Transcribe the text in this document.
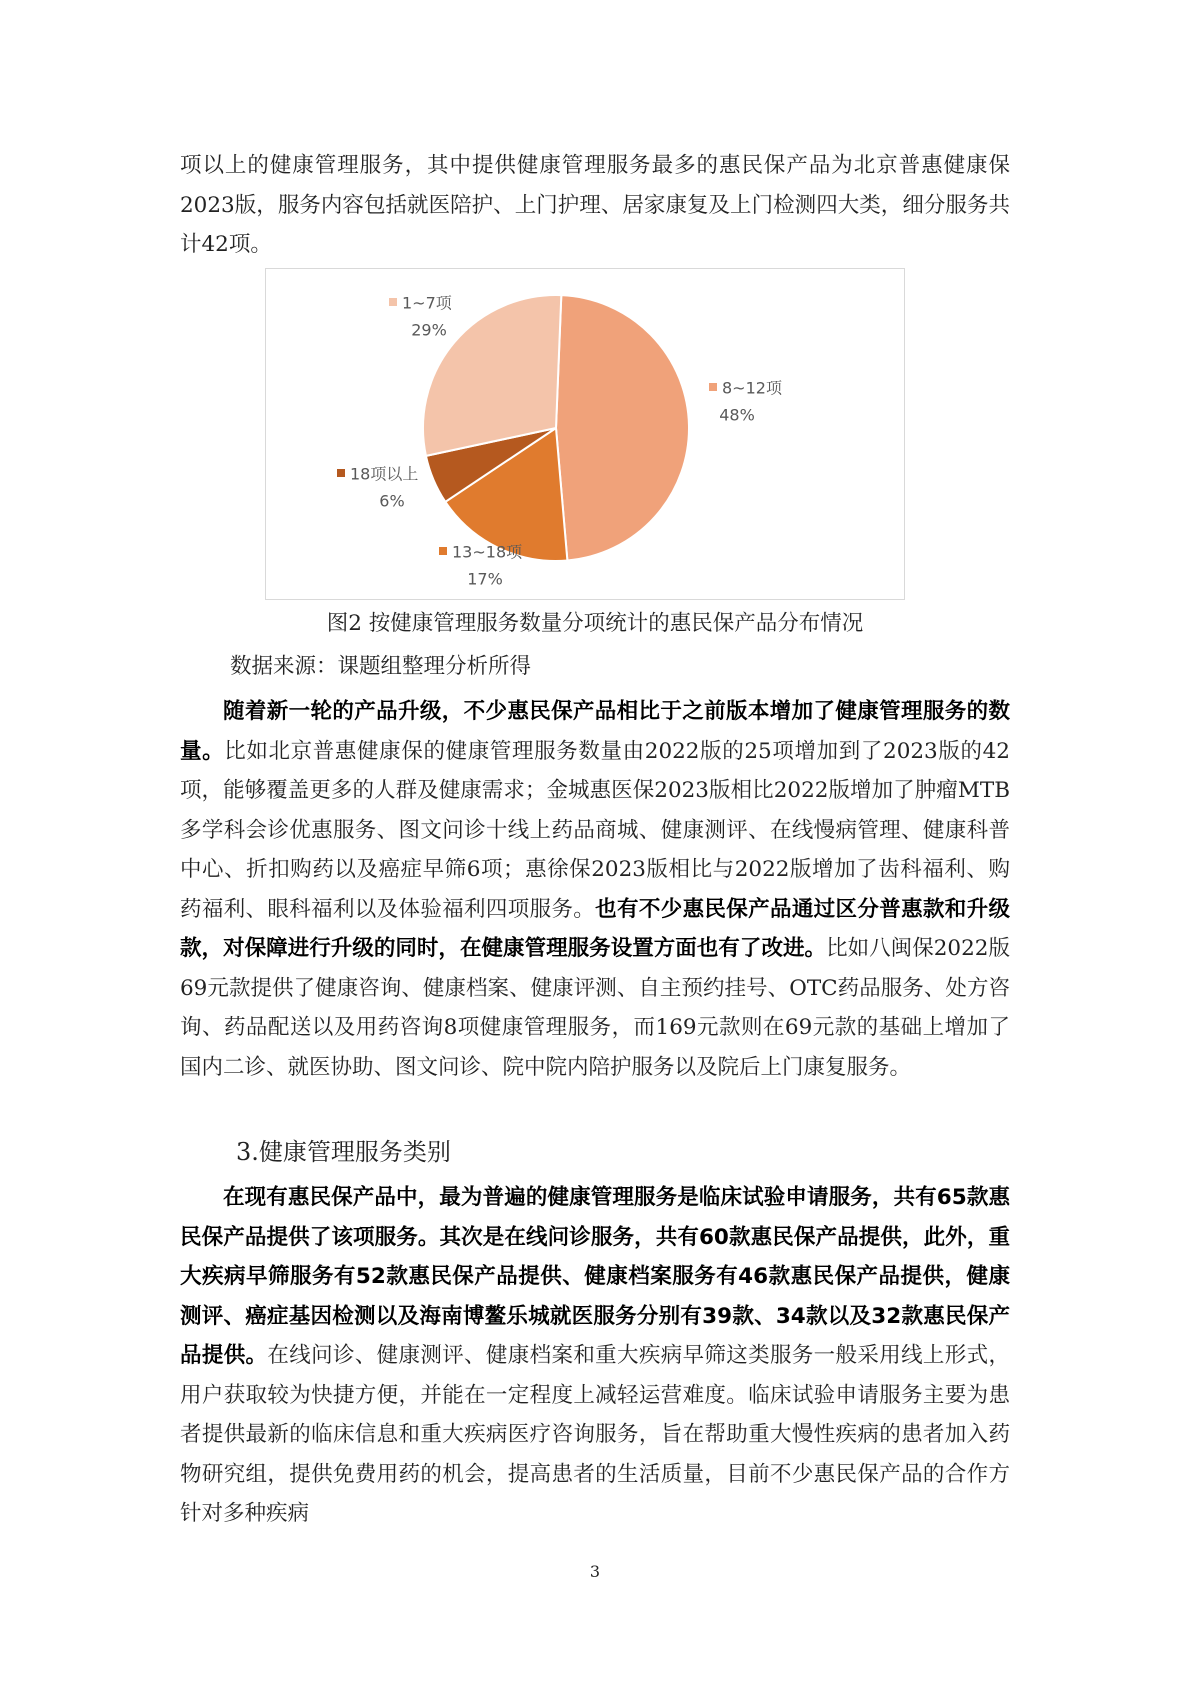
项以上的健康管理服务，其中提供健康管理服务最多的惠民保产品为北京普惠健康保2023版，服务内容包括就医陪护、上门护理、居家康复及上门检测四大类，细分服务共计42项。

8~12项
48%
13~18项
17%
18项以上
6%
1~7项
29%

图2 按健康管理服务数量分项统计的惠民保产品分布情况

数据来源：课题组整理分析所得

随着新一轮的产品升级，不少惠民保产品相比于之前版本增加了健康管理服务的数量。比如北京普惠健康保的健康管理服务数量由2022版的25项增加到了2023版的42项，能够覆盖更多的人群及健康需求；金城惠医保2023版相比2022版增加了肿瘤MTB多学科会诊优惠服务、图文问诊十线上药品商城、健康测评、在线慢病管理、健康科普中心、折扣购药以及癌症早筛6项；惠徐保2023版相比与2022版增加了齿科福利、购药福利、眼科福利以及体验福利四项服务。也有不少惠民保产品通过区分普惠款和升级款，对保障进行升级的同时，在健康管理服务设置方面也有了改进。比如八闽保2022版69元款提供了健康咨询、健康档案、健康评测、自主预约挂号、OTC药品服务、处方咨询、药品配送以及用药咨询8项健康管理服务，而169元款则在69元款的基础上增加了国内二诊、就医协助、图文问诊、院中院内陪护服务以及院后上门康复服务。

3.健康管理服务类别

在现有惠民保产品中，最为普遍的健康管理服务是临床试验申请服务，共有65款惠民保产品提供了该项服务。其次是在线问诊服务，共有60款惠民保产品提供，此外，重大疾病早筛服务有52款惠民保产品提供、健康档案服务有46款惠民保产品提供，健康测评、癌症基因检测以及海南博鳌乐城就医服务分别有39款、34款以及32款惠民保产品提供。在线问诊、健康测评、健康档案和重大疾病早筛这类服务一般采用线上形式，用户获取较为快捷方便，并能在一定程度上减轻运营难度。临床试验申请服务主要为患者提供最新的临床信息和重大疾病医疗咨询服务，旨在帮助重大慢性疾病的患者加入药物研究组，提供免费用药的机会，提高患者的生活质量，目前不少惠民保产品的合作方针对多种疾病

3
